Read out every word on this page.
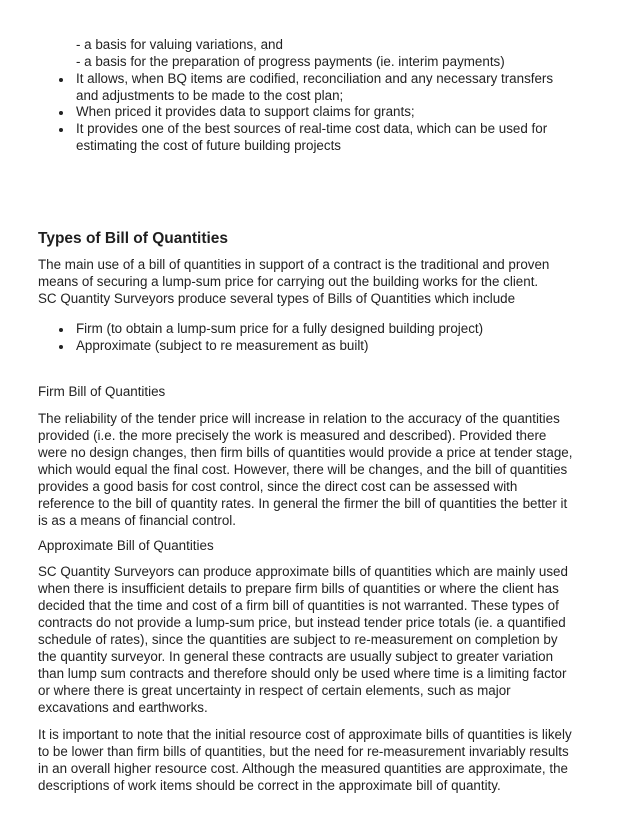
- a basis for valuing variations, and
- a basis for the preparation of progress payments (ie. interim payments)
It allows, when BQ items are codified, reconciliation and any necessary transfers
and adjustments to be made to the cost plan;
When priced it provides data to support claims for grants;
It provides one of the best sources of real-time cost data, which can be used for
estimating the cost of future building projects
Types of Bill of Quantities
The main use of a bill of quantities in support of a contract is the traditional and proven
means of securing a lump-sum price for carrying out the building works for the client.
SC Quantity Surveyors produce several types of Bills of Quantities which include
Firm (to obtain a lump-sum price for a fully designed building project)
Approximate (subject to re measurement as built)
Firm Bill of Quantities
The reliability of the tender price will increase in relation to the accuracy of the quantities
provided (i.e. the more precisely the work is measured and described). Provided there
were no design changes, then firm bills of quantities would provide a price at tender stage,
which would equal the final cost. However, there will be changes, and the bill of quantities
provides a good basis for cost control, since the direct cost can be assessed with
reference to the bill of quantity rates. In general the firmer the bill of quantities the better it
is as a means of financial control.
Approximate Bill of Quantities
SC Quantity Surveyors can produce approximate bills of quantities which are mainly used
when there is insufficient details to prepare firm bills of quantities or where the client has
decided that the time and cost of a firm bill of quantities is not warranted. These types of
contracts do not provide a lump-sum price, but instead tender price totals (ie. a quantified
schedule of rates), since the quantities are subject to re-measurement on completion by
the quantity surveyor. In general these contracts are usually subject to greater variation
than lump sum contracts and therefore should only be used where time is a limiting factor
or where there is great uncertainty in respect of certain elements, such as major
excavations and earthworks.
It is important to note that the initial resource cost of approximate bills of quantities is likely
to be lower than firm bills of quantities, but the need for re-measurement invariably results
in an overall higher resource cost. Although the measured quantities are approximate, the
descriptions of work items should be correct in the approximate bill of quantity.
